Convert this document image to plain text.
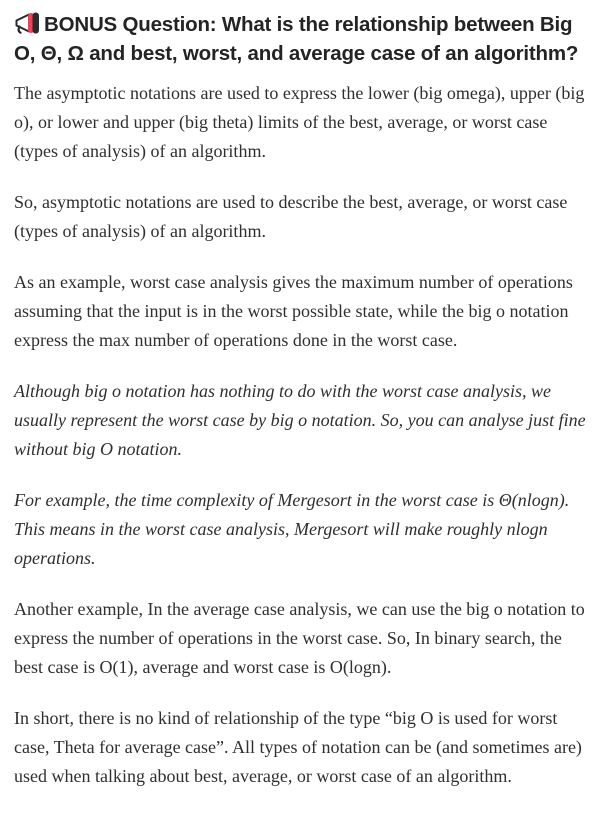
BONUS Question: What is the relationship between Big O, Θ, Ω and best, worst, and average case of an algorithm?

The asymptotic notations are used to express the lower (big omega), upper (big o), or lower and upper (big theta) limits of the best, average, or worst case (types of analysis) of an algorithm.

So, asymptotic notations are used to describe the best, average, or worst case (types of analysis) of an algorithm.

As an example, worst case analysis gives the maximum number of operations assuming that the input is in the worst possible state, while the big o notation express the max number of operations done in the worst case.

Although big o notation has nothing to do with the worst case analysis, we usually represent the worst case by big o notation. So, you can analyse just fine without big O notation.

For example, the time complexity of Mergesort in the worst case is Θ(nlogn). This means in the worst case analysis, Mergesort will make roughly nlogn operations.

Another example, In the average case analysis, we can use the big o notation to express the number of operations in the worst case. So, In binary search, the best case is O(1), average and worst case is O(logn).

In short, there is no kind of relationship of the type “big O is used for worst case, Theta for average case”. All types of notation can be (and sometimes are) used when talking about best, average, or worst case of an algorithm.
